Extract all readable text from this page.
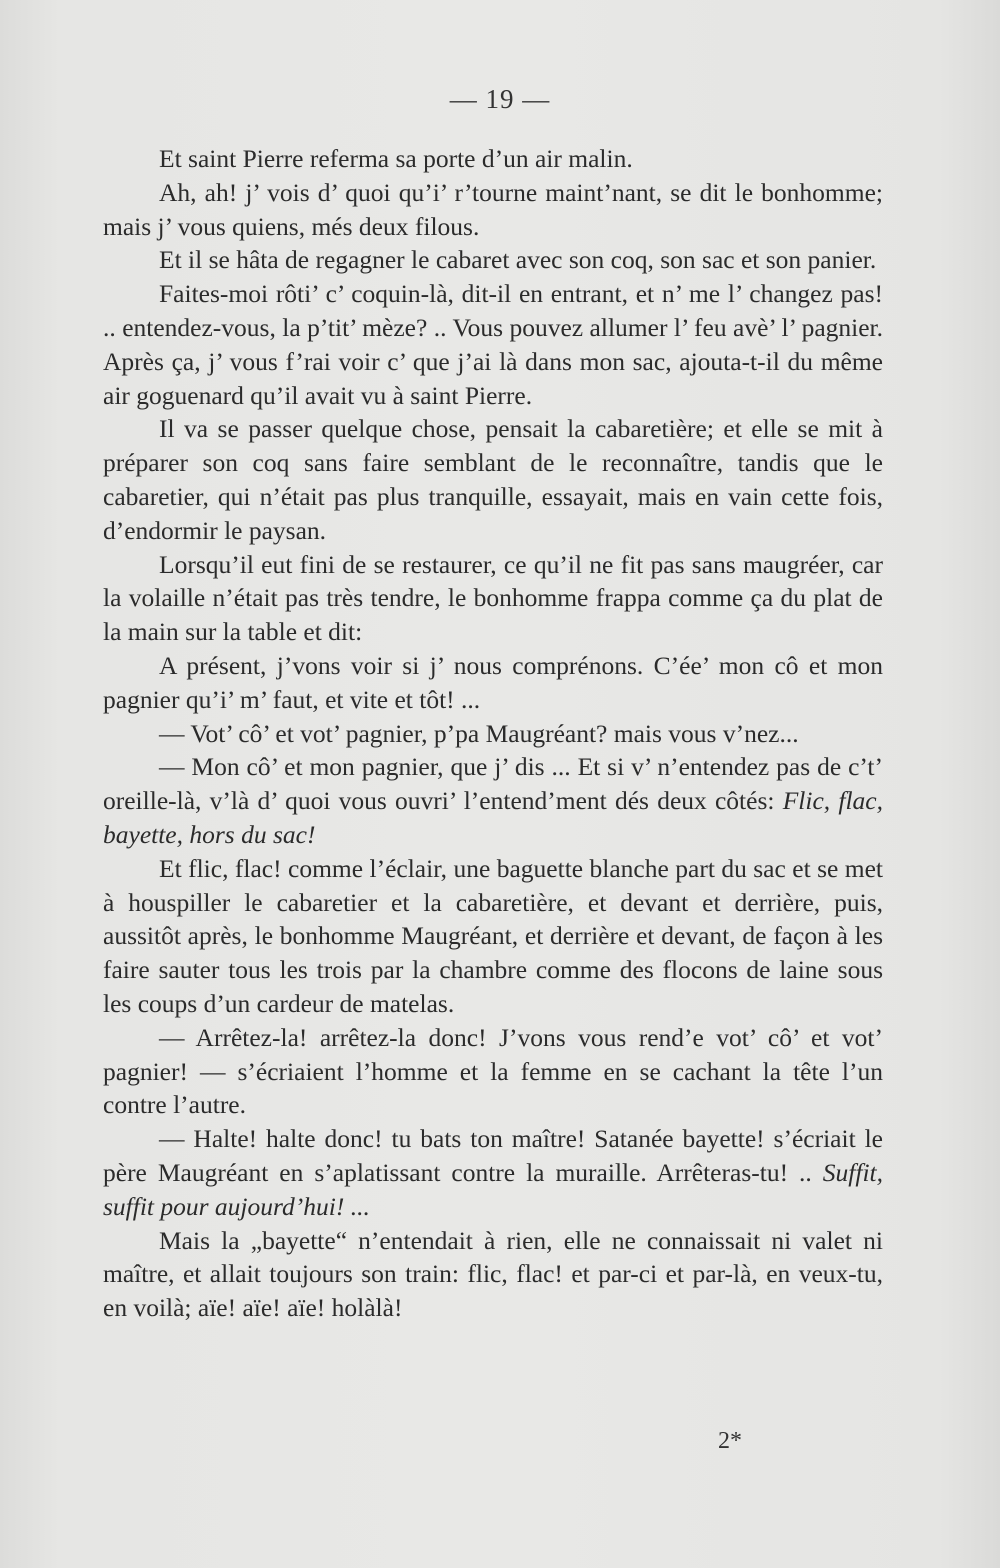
— 19 —

Et saint Pierre referma sa porte d’un air malin.

Ah, ah! j’ vois d’ quoi qu’i’ r’tourne maint’nant, se dit le bonhomme; mais j’ vous quiens, més deux filous.

Et il se hâta de regagner le cabaret avec son coq, son sac et son panier.

Faites-moi rôti’ c’ coquin-là, dit-il en entrant, et n’ me l’ changez pas! .. entendez-vous, la p’tit’ mèze? .. Vous pouvez allumer l’ feu avè’ l’ pagnier. Après ça, j’ vous f’rai voir c’ que j’ai là dans mon sac, ajouta-t-il du même air goguenard qu’il avait vu à saint Pierre.

Il va se passer quelque chose, pensait la cabaretière; et elle se mit à préparer son coq sans faire semblant de le reconnaître, tandis que le cabaretier, qui n’était pas plus tranquille, essayait, mais en vain cette fois, d’endormir le paysan.

Lorsqu’il eut fini de se restaurer, ce qu’il ne fit pas sans maugréer, car la volaille n’était pas très tendre, le bonhomme frappa comme ça du plat de la main sur la table et dit:

A présent, j’vons voir si j’ nous comprénons. C’ée’ mon cô et mon pagnier qu’i’ m’ faut, et vite et tôt! ...

— Vot’ cô’ et vot’ pagnier, p’pa Maugréant? mais vous v’nez...

— Mon cô’ et mon pagnier, que j’ dis ... Et si v’ n’entendez pas de c’t’ oreille-là, v’là d’ quoi vous ouvri’ l’entend’ment dés deux côtés: Flic, flac, bayette, hors du sac!

Et flic, flac! comme l’éclair, une baguette blanche part du sac et se met à houspiller le cabaretier et la cabaretière, et devant et derrière, puis, aussitôt après, le bonhomme Maugréant, et derrière et devant, de façon à les faire sauter tous les trois par la chambre comme des flocons de laine sous les coups d’un cardeur de matelas.

— Arrêtez-la! arrêtez-la donc! J’vons vous rend’e vot’ cô’ et vot’ pagnier! — s’écriaient l’homme et la femme en se cachant la tête l’un contre l’autre.

— Halte! halte donc! tu bats ton maître! Satanée bayette! s’écriait le père Maugréant en s’aplatissant contre la muraille. Arrêteras-tu! .. Suffit, suffit pour aujourd’hui! ...

Mais la „bayette“ n’entendait à rien, elle ne connaissait ni valet ni maître, et allait toujours son train: flic, flac! et par-ci et par-là, en veux-tu, en voilà; aïe! aïe! aïe! holàlà!

2*
